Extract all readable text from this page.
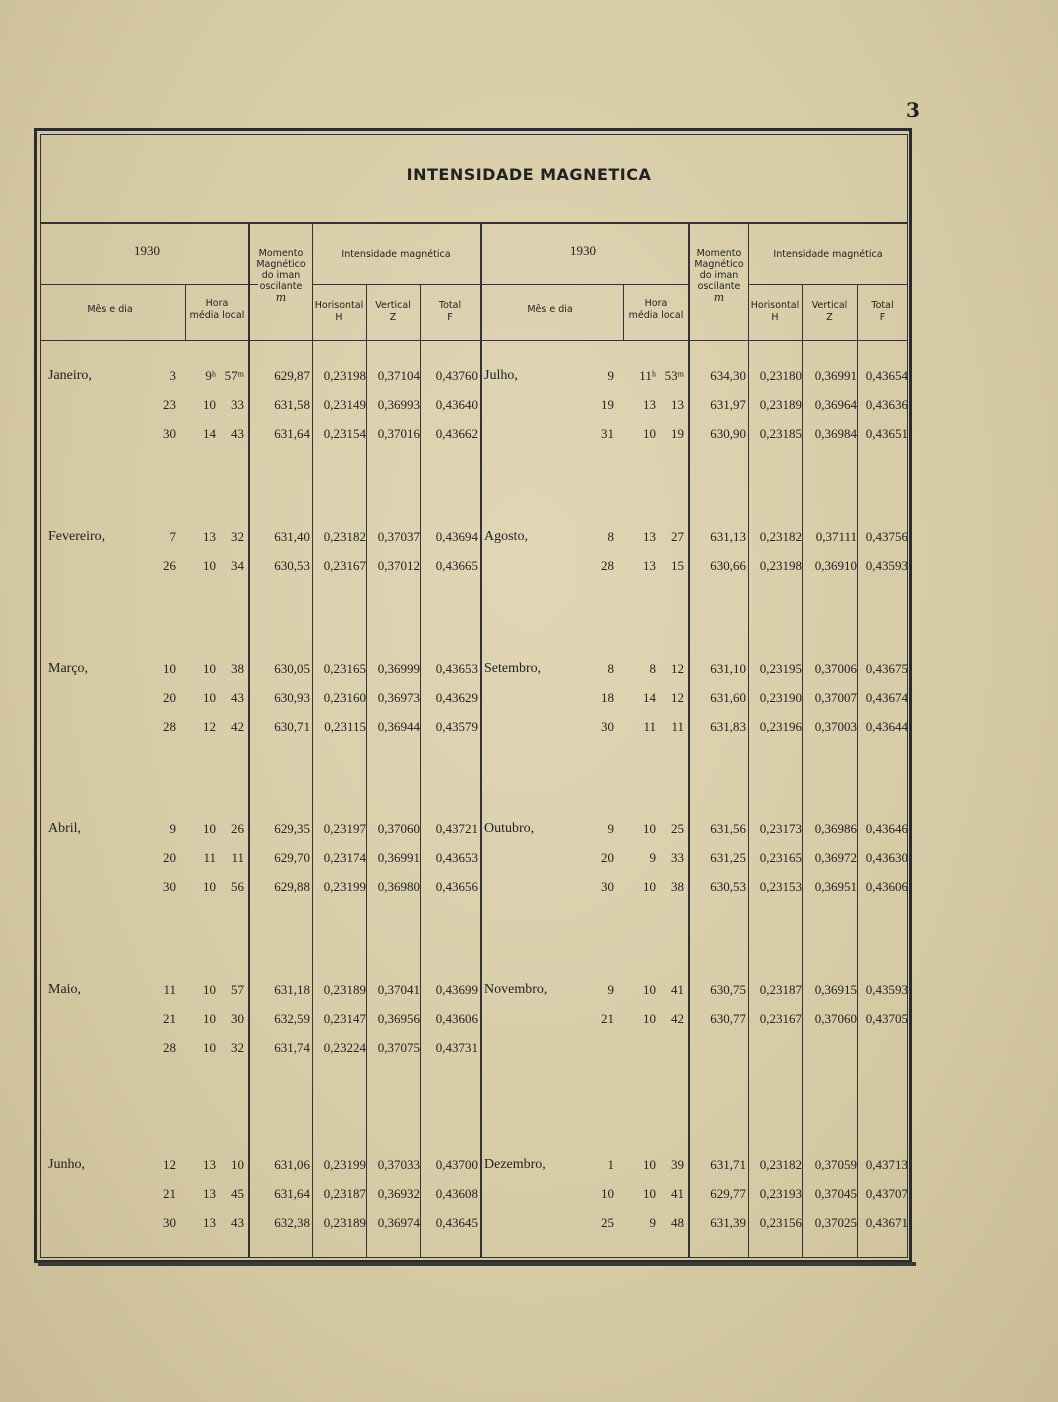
3
INTENSIDADE MAGNETICA
1930
Mês e dia
Hora
média local
Momento
Magnético
do iman
oscilante
m
Intensidade magnética
Horisontal
H
Vertical
Z
Total
F
1930
Mês e dia
Hora
média local
Momento
Magnético
do iman
oscilante
m
Intensidade magnética
Horisontal
H
Vertical
Z
Total
F
Janeiro,	3	9ʰ 57ᵐ	629,87	0,23198 0,37104	0,43760
23	10	33	631,58	0,23149 0,36993	0,43640
30	14	43	631,64	0,23154 0,37016	0,43662
Fevereiro,	7	13	32	631,40	0,23182 0,37037	0,43694
26	10	34	630,53	0,23167 0,37012	0,43665
Março,	10	10	38	630,05	0,23165 0,36999	0,43653
20	10	43	630,93	0,23160 0,36973	0,43629
28	12	42	630,71	0,23115 0,36944	0,43579
Abril,	9	10	26	629,35	0,23197 0,37060	0,43721
20	11	11	629,70	0,23174 0,36991	0,43653
30	10	56	629,88	0,23199 0,36980	0,43656
Maio,	11	10	57	631,18	0,23189 0,37041	0,43699
21	10	30	632,59	0,23147 0,36956	0,43606
28	10	32	631,74	0,23224 0,37075	0,43731
Junho,	12	13	10	631,06	0,23199 0,37033	0,43700
21	13	45	631,64	0,23187 0,36932	0,43608
30	13	43	632,38	0,23189 0,36974	0,43645
Julho,	9	11ʰ 53ᵐ	634,30	0,23180 0,36991 0,43654
19	13	13	631,97	0,23189 0,36964 0,43636
31	10	19	630,90	0,23185 0,36984 0,43651
Agosto,	8	13	27	631,13	0,23182	0,37111 0,43756
28	13	15	630,66	0,23198 0,36910 0,43593
Setembro,	8	8	12	631,10	0,23195 0,37006 0,43675
18	14	12	631,60	0,23190 0,37007 0,43674
30	11	11	631,83	0,23196 0,37003 0,43644
Outubro,	9	10	25	631,56	0,23173 0,36986 0,43646
20	9	33	631,25	0,23165 0,36972 0,43630
30	10	38	630,53	0,23153 0,36951 0,43606
Novembro,	9	10	41	630,75	0,23187 0,36915 0,43593
21	10	42	630,77	0,23167 0,37060 0,43705
Dezembro,	1	10	39	631,71	0,23182 0,37059 0,43713
10	10	41	629,77	0,23193 0,37045 0,43707
25	9	48	631,39	0,23156 0,37025 0,43671
